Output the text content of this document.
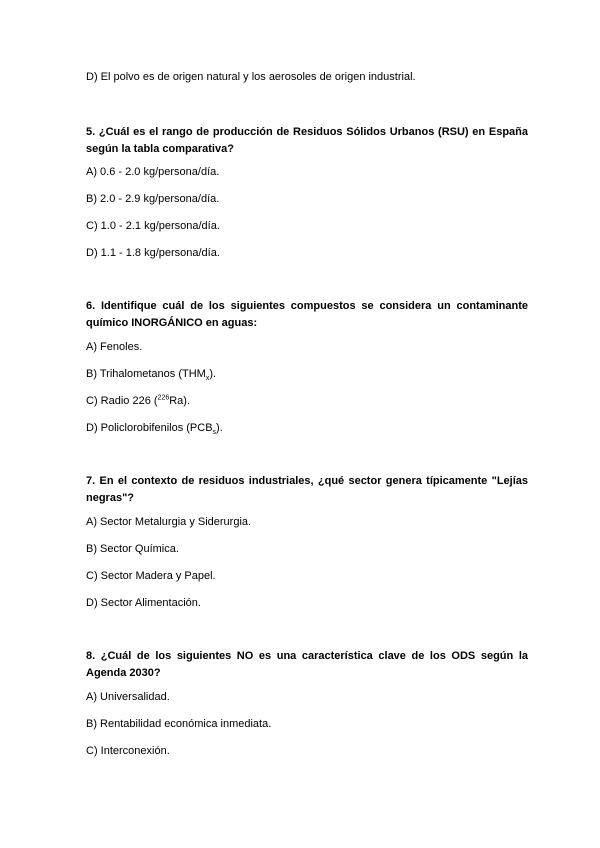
D) El polvo es de origen natural y los aerosoles de origen industrial.
5. ¿Cuál es el rango de producción de Residuos Sólidos Urbanos (RSU) en España según la tabla comparativa?
A) 0.6 - 2.0 kg/persona/día.
B) 2.0 - 2.9 kg/persona/día.
C) 1.0 - 2.1 kg/persona/día.
D) 1.1 - 1.8 kg/persona/día.
6. Identifique cuál de los siguientes compuestos se considera un contaminante químico INORGÁNICO en aguas:
A) Fenoles.
B) Trihalometanos $(THM_x)$.
C) Radio 226 ($^{226}$Ra).
D) Policlorobifenilos $(PCB_s)$.
7. En el contexto de residuos industriales, ¿qué sector genera típicamente "Lejías negras"?
A) Sector Metalurgia y Siderurgia.
B) Sector Química.
C) Sector Madera y Papel.
D) Sector Alimentación.
8. ¿Cuál de los siguientes NO es una característica clave de los ODS según la Agenda 2030?
A) Universalidad.
B) Rentabilidad económica inmediata.
C) Interconexión.
